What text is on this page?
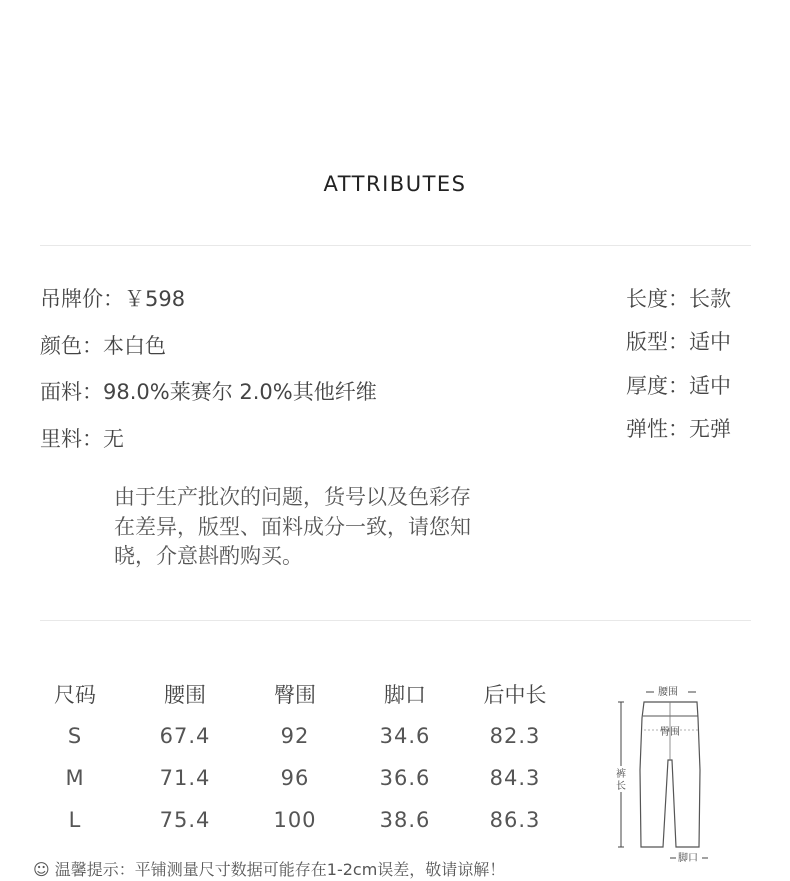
ATTRIBUTES
吊牌价：￥598
颜色：本白色
面料：98.0%莱赛尔 2.0%其他纤维
里料：无
长度：长款
版型：适中
厚度：适中
弹性：无弹
由于生产批次的问题，货号以及色彩存
在差异，版型、面料成分一致，请您知
晓，介意斟酌购买。
尺码	腰围	臀围	脚口	后中长
S	67.4	92	34.6	82.3
M	71.4	96	36.6	84.3
L	75.4	100	38.6	86.3
腰围
臀围
裤
长
脚口
☺ 温馨提示：平铺测量尺寸数据可能存在1-2cm误差，敬请谅解！
